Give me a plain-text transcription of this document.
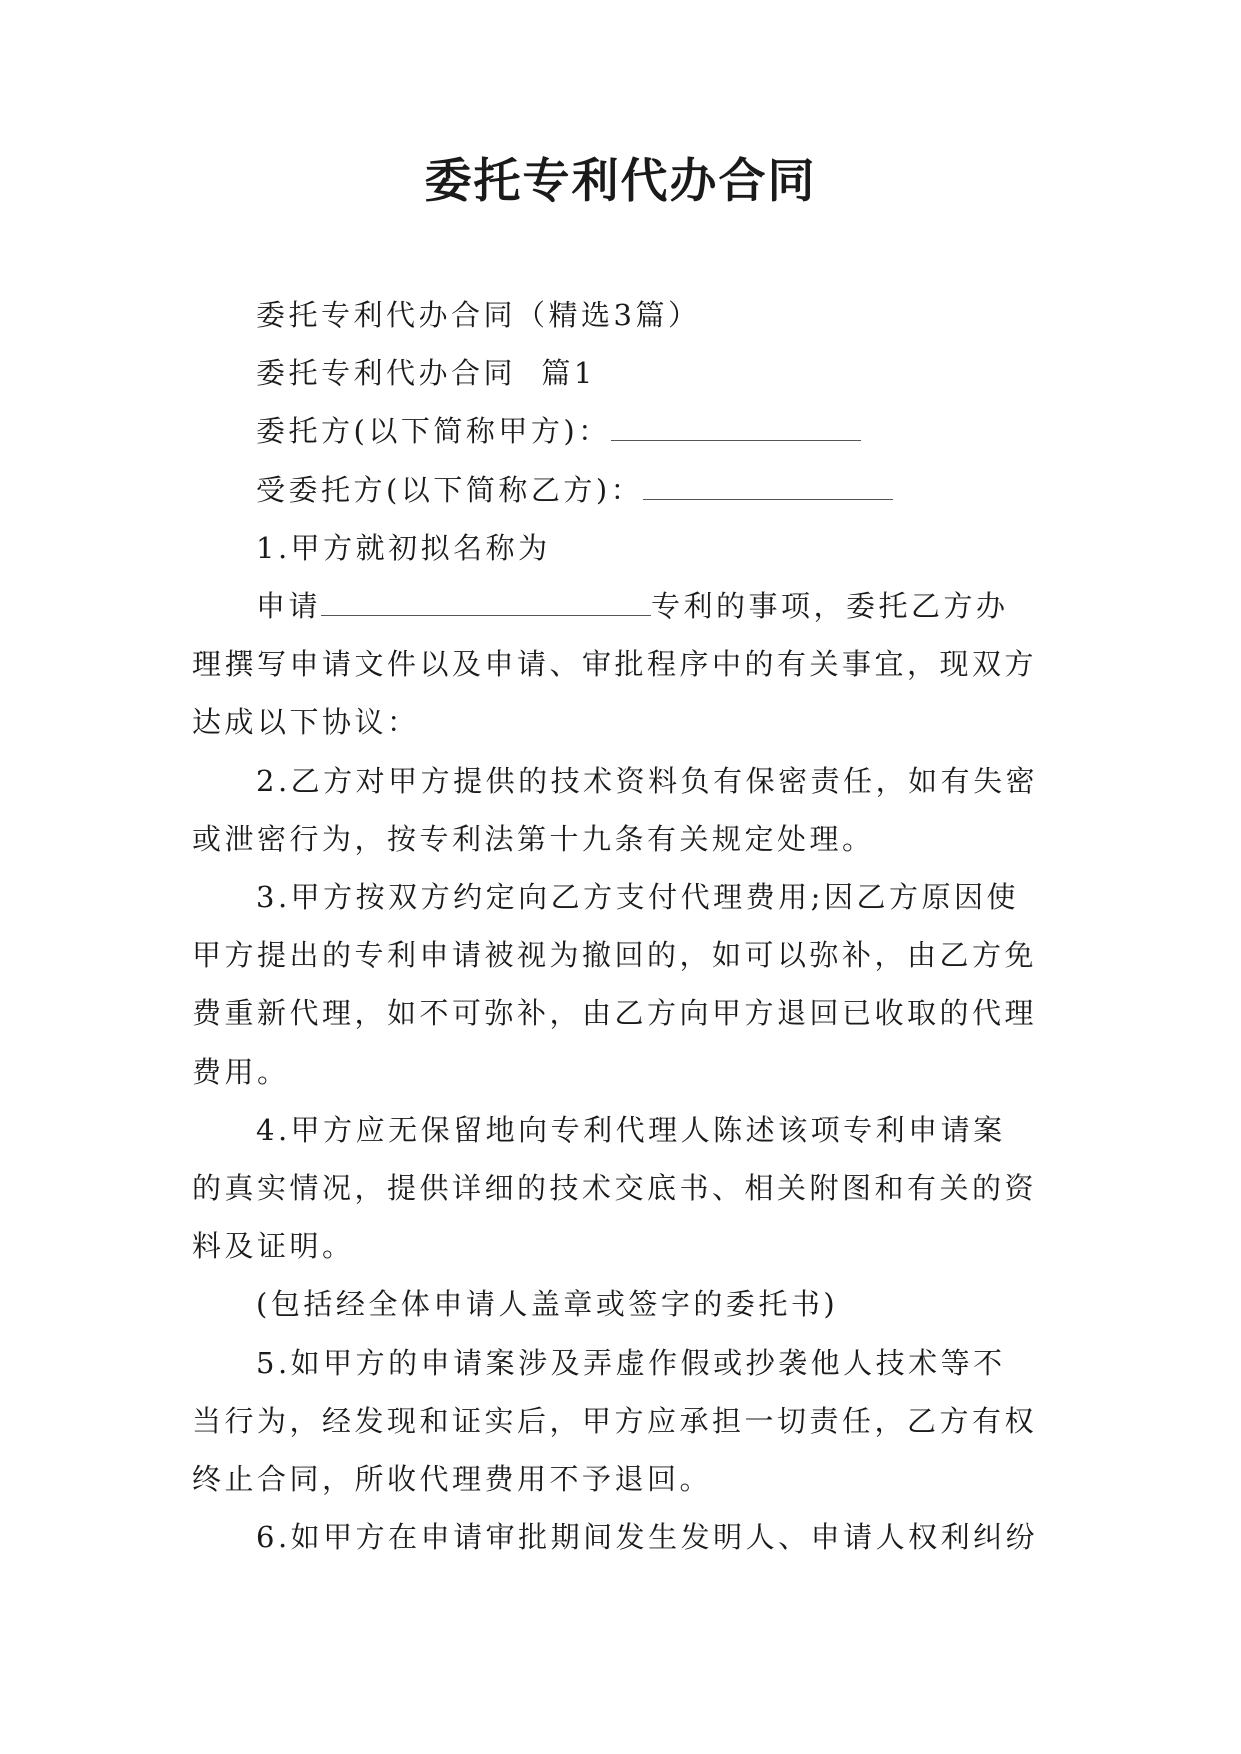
委托专利代办合同
委托专利代办合同（精选3篇）
委托专利代办合同  篇1
委托方(以下简称甲方)：
受委托方(以下简称乙方)：
1.甲方就初拟名称为
申请	专利的事项，委托乙方办
理撰写申请文件以及申请、审批程序中的有关事宜，现双方
达成以下协议：
2.乙方对甲方提供的技术资料负有保密责任，如有失密
或泄密行为，按专利法第十九条有关规定处理。
3.甲方按双方约定向乙方支付代理费用;因乙方原因使
甲方提出的专利申请被视为撤回的，如可以弥补，由乙方免
费重新代理，如不可弥补，由乙方向甲方退回已收取的代理
费用。
4.甲方应无保留地向专利代理人陈述该项专利申请案
的真实情况，提供详细的技术交底书、相关附图和有关的资
料及证明。
(包括经全体申请人盖章或签字的委托书)
5.如甲方的申请案涉及弄虚作假或抄袭他人技术等不
当行为，经发现和证实后，甲方应承担一切责任，乙方有权
终止合同，所收代理费用不予退回。
6.如甲方在申请审批期间发生发明人、申请人权利纠纷
